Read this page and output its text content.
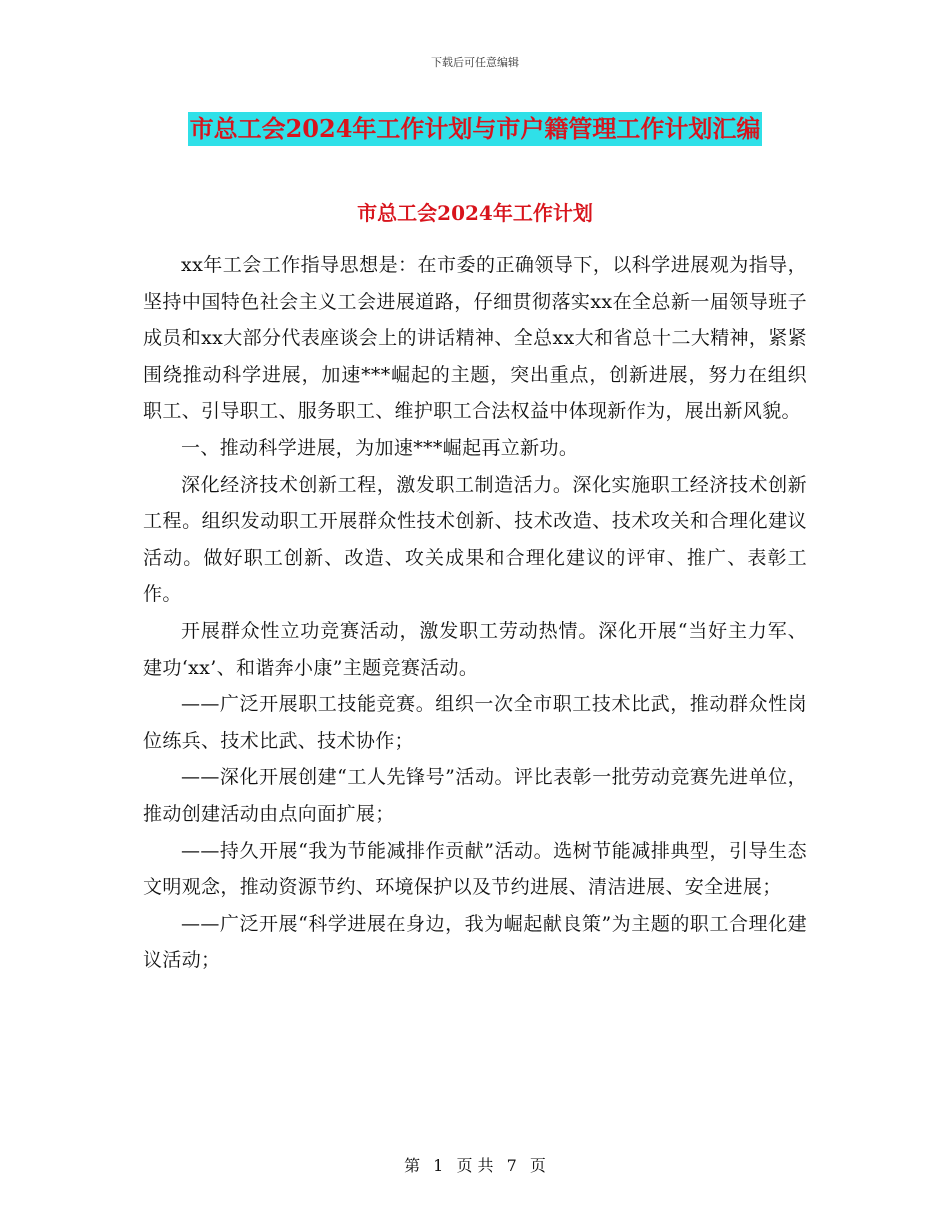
下载后可任意编辑
市总工会2024年工作计划与市户籍管理工作计划汇编
市总工会2024年工作计划

xx年工会工作指导思想是：在市委的正确领导下，以科学进展观为指导，坚持中国特色社会主义工会进展道路，仔细贯彻落实xx在全总新一届领导班子成员和xx大部分代表座谈会上的讲话精神、全总xx大和省总十二大精神，紧紧围绕推动科学进展，加速***崛起的主题，突出重点，创新进展，努力在组织职工、引导职工、服务职工、维护职工合法权益中体现新作为，展出新风貌。

一、推动科学进展，为加速***崛起再立新功。

深化经济技术创新工程，激发职工制造活力。深化实施职工经济技术创新工程。组织发动职工开展群众性技术创新、技术改造、技术攻关和合理化建议活动。做好职工创新、改造、攻关成果和合理化建议的评审、推广、表彰工作。

开展群众性立功竞赛活动，激发职工劳动热情。深化开展“当好主力军、建功‘xx’、和谐奔小康”主题竞赛活动。

——广泛开展职工技能竞赛。组织一次全市职工技术比武，推动群众性岗位练兵、技术比武、技术协作；

——深化开展创建“工人先锋号”活动。评比表彰一批劳动竞赛先进单位，推动创建活动由点向面扩展；

——持久开展“我为节能减排作贡献”活动。选树节能减排典型，引导生态文明观念，推动资源节约、环境保护以及节约进展、清洁进展、安全进展；

——广泛开展“科学进展在身边，我为崛起献良策”为主题的职工合理化建议活动；

第 1 页 共 7 页
